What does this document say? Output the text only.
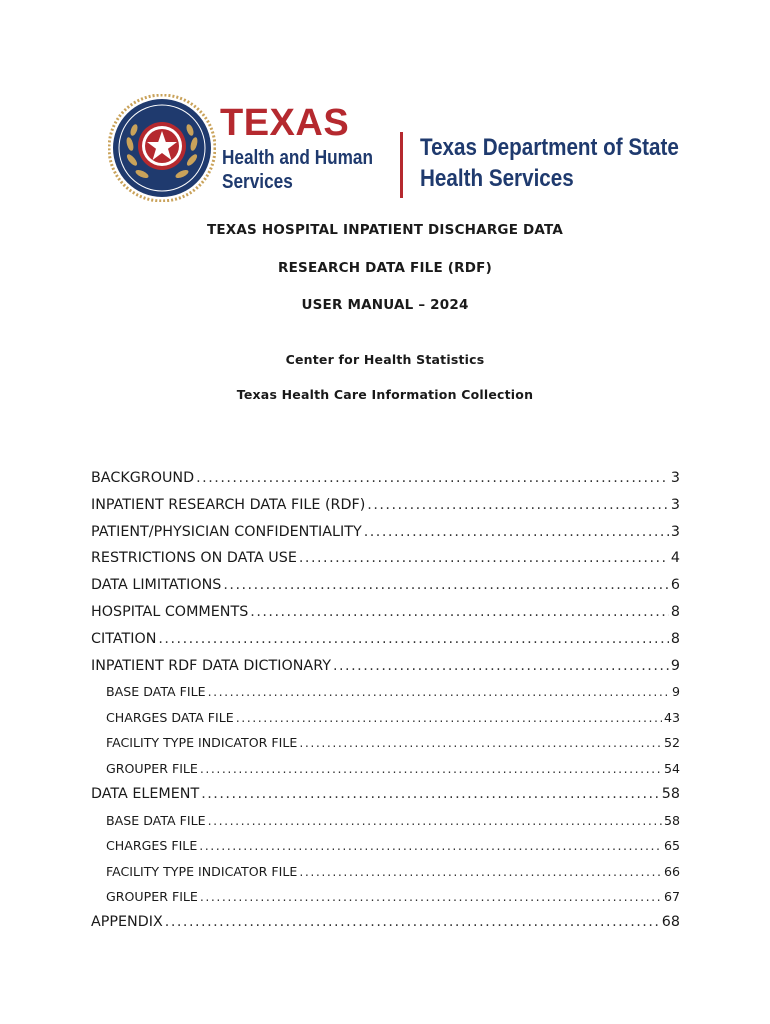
TEXAS
Health and Human
Services
Texas Department of State
Health Services
TEXAS HOSPITAL INPATIENT DISCHARGE DATA
RESEARCH DATA FILE (RDF)
USER MANUAL – 2024
Center for Health Statistics
Texas Health Care Information Collection
BACKGROUND .....	3
INPATIENT RESEARCH DATA FILE (RDF) .....	3
PATIENT/PHYSICIAN CONFIDENTIALITY .....	3
RESTRICTIONS ON DATA USE .....	4
DATA LIMITATIONS .....	6
HOSPITAL COMMENTS .....	8
CITATION .....	8
INPATIENT RDF DATA DICTIONARY .....	9
BASE DATA FILE .....	9
CHARGES DATA FILE .....	43
FACILITY TYPE INDICATOR FILE .....	52
GROUPER FILE .....	54
DATA ELEMENT .....	58
BASE DATA FILE .....	58
CHARGES FILE .....	65
FACILITY TYPE INDICATOR FILE .....	66
GROUPER FILE .....	67
APPENDIX .....	68
